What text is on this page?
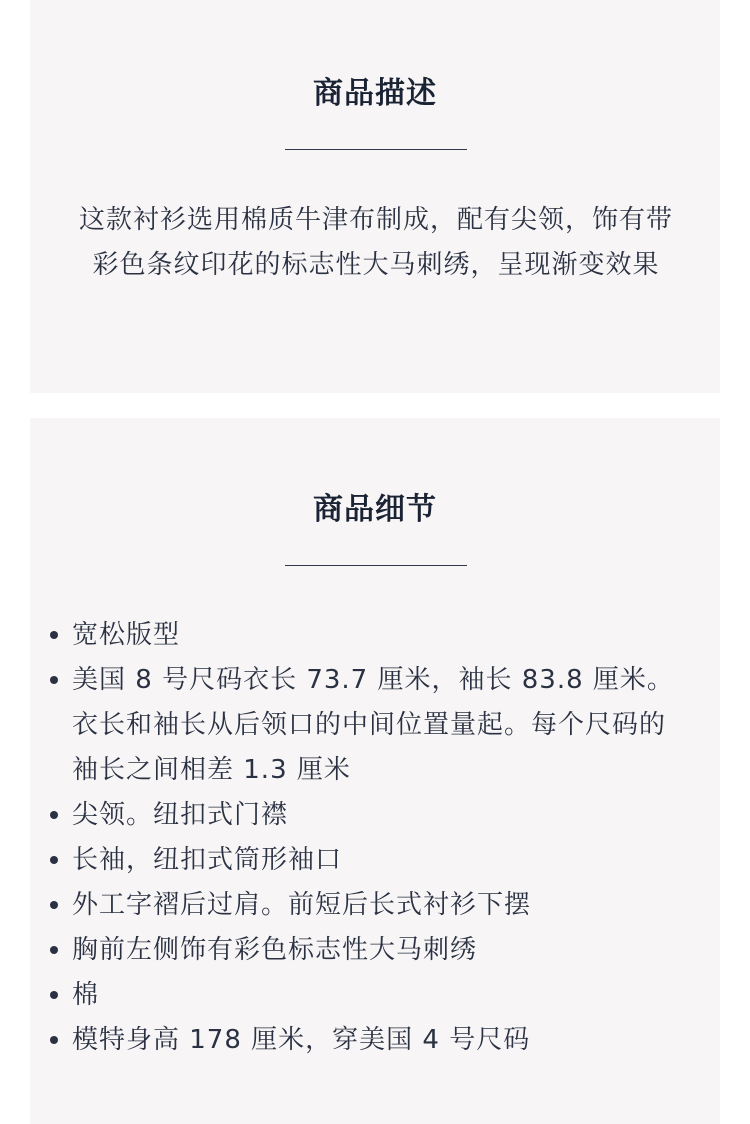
商品描述

这款衬衫选用棉质牛津布制成，配有尖领，饰有带彩色条纹印花的标志性大马刺绣，呈现渐变效果

商品细节
宽松版型
美国 8 号尺码衣长 73.7 厘米，袖长 83.8 厘米。衣长和袖长从后领口的中间位置量起。每个尺码的袖长之间相差 1.3 厘米
尖领。纽扣式门襟
长袖，纽扣式筒形袖口
外工字褶后过肩。前短后长式衬衫下摆
胸前左侧饰有彩色标志性大马刺绣
棉
模特身高 178 厘米，穿美国 4 号尺码
